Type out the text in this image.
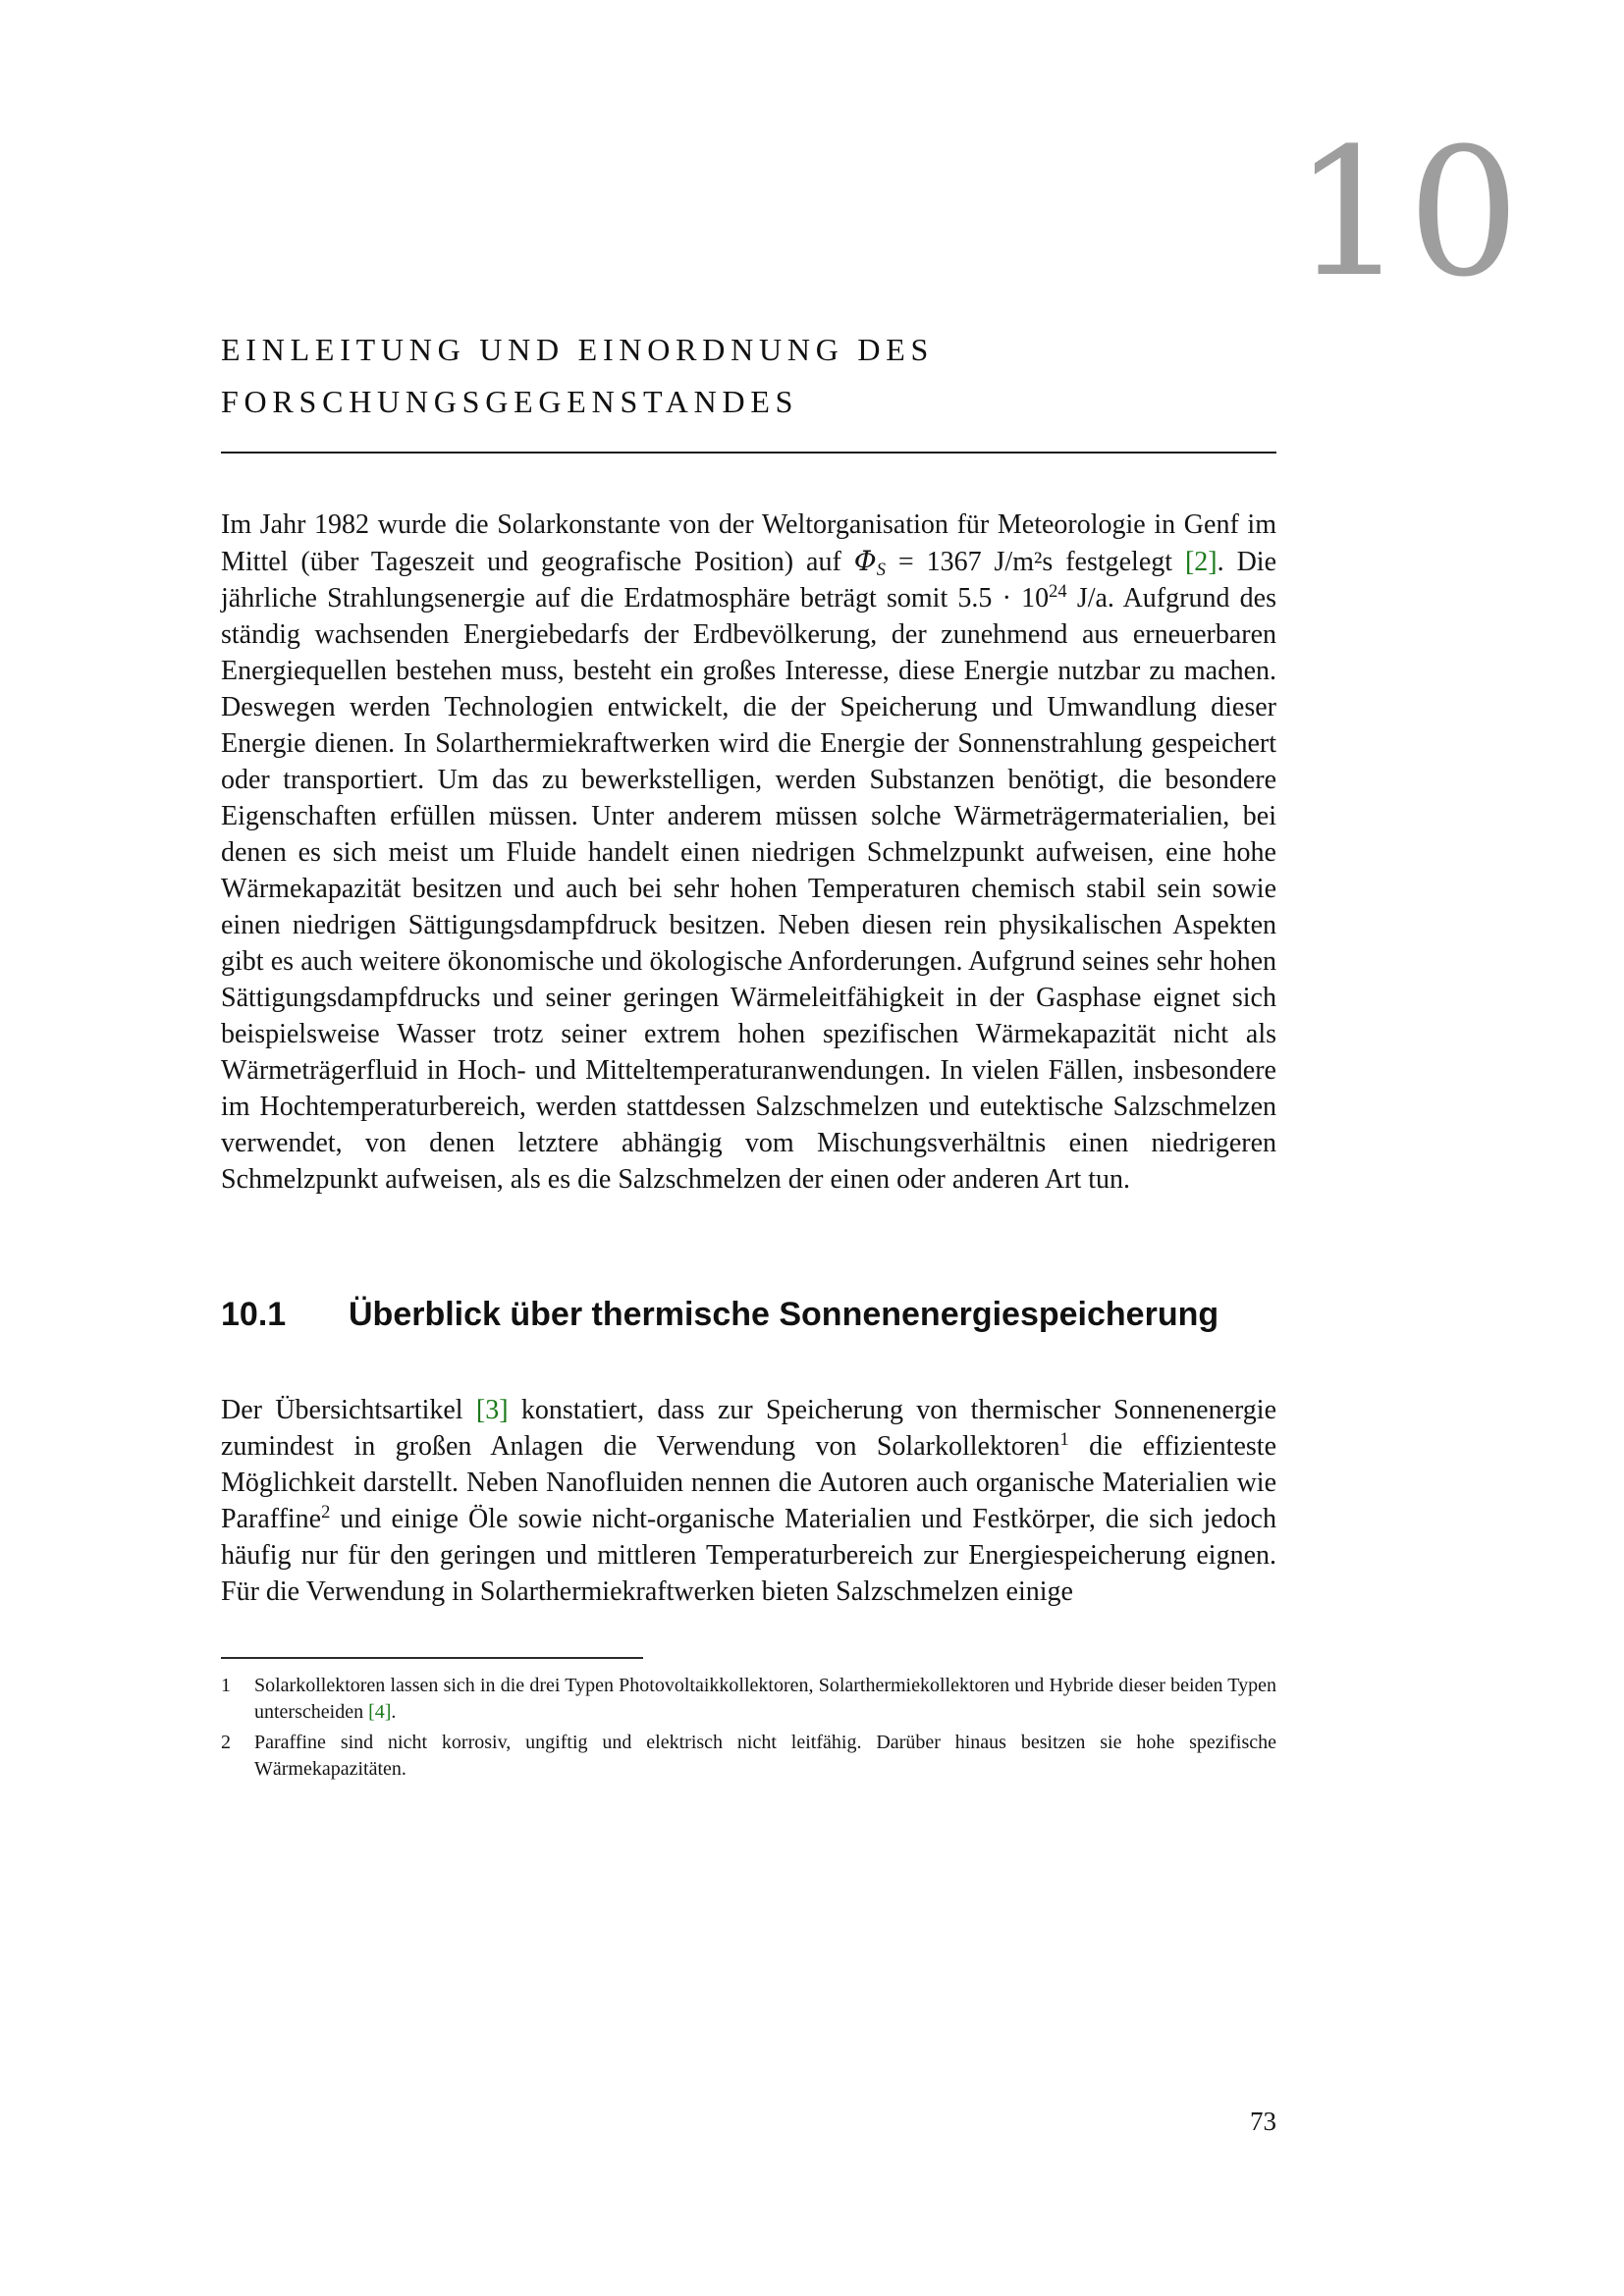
10
EINLEITUNG UND EINORDNUNG DES FORSCHUNGSGEGENSTANDES

Im Jahr 1982 wurde die Solarkonstante von der Weltorganisation für Meteorologie in Genf im Mittel (über Tageszeit und geografische Position) auf ΦS = 1367 J/m²s festgelegt [2]. Die jährliche Strahlungsenergie auf die Erdatmosphäre beträgt somit $5.5 \cdot 10^{24}$ J/a. Aufgrund des ständig wachsenden Energiebedarfs der Erdbevölkerung, der zunehmend aus erneuerbaren Energiequellen bestehen muss, besteht ein großes Interesse, diese Energie nutzbar zu machen. Deswegen werden Technologien entwickelt, die der Speicherung und Umwandlung dieser Energie dienen. In Solarthermiekraftwerken wird die Energie der Sonnenstrahlung gespeichert oder transportiert. Um das zu bewerkstelligen, werden Substanzen benötigt, die besondere Eigenschaften erfüllen müssen. Unter anderem müssen solche Wärmeträgermaterialien, bei denen es sich meist um Fluide handelt einen niedrigen Schmelzpunkt aufweisen, eine hohe Wärmekapazität besitzen und auch bei sehr hohen Temperaturen chemisch stabil sein sowie einen niedrigen Sättigungsdampfdruck besitzen. Neben diesen rein physikalischen Aspekten gibt es auch weitere ökonomische und ökologische Anforderungen. Aufgrund seines sehr hohen Sättigungsdampfdrucks und seiner geringen Wärmeleitfähigkeit in der Gasphase eignet sich beispielsweise Wasser trotz seiner extrem hohen spezifischen Wärmekapazität nicht als Wärmeträgerfluid in Hoch- und Mitteltemperaturanwendungen. In vielen Fällen, insbesondere im Hochtemperaturbereich, werden stattdessen Salzschmelzen und eutektische Salzschmelzen verwendet, von denen letztere abhängig vom Mischungsverhältnis einen niedrigeren Schmelzpunkt aufweisen, als es die Salzschmelzen der einen oder anderen Art tun.

10.1	Überblick über thermische Sonnenenergiespeicherung

Der Übersichtsartikel [3] konstatiert, dass zur Speicherung von thermischer Sonnenenergie zumindest in großen Anlagen die Verwendung von Solarkollektoren$^1$ die effizienteste Möglichkeit darstellt. Neben Nanofluiden nennen die Autoren auch organische Materialien wie Paraffine$^2$ und einige Öle sowie nicht-organische Materialien und Festkörper, die sich jedoch häufig nur für den geringen und mittleren Temperaturbereich zur Energiespeicherung eignen. Für die Verwendung in Solarthermiekraftwerken bieten Salzschmelzen einige

1	Solarkollektoren lassen sich in die drei Typen Photovoltaikkollektoren, Solarthermiekollektoren und Hybride dieser beiden Typen unterscheiden [4].
2	Paraffine sind nicht korrosiv, ungiftig und elektrisch nicht leitfähig. Darüber hinaus besitzen sie hohe spezifische Wärmekapazitäten.
73
